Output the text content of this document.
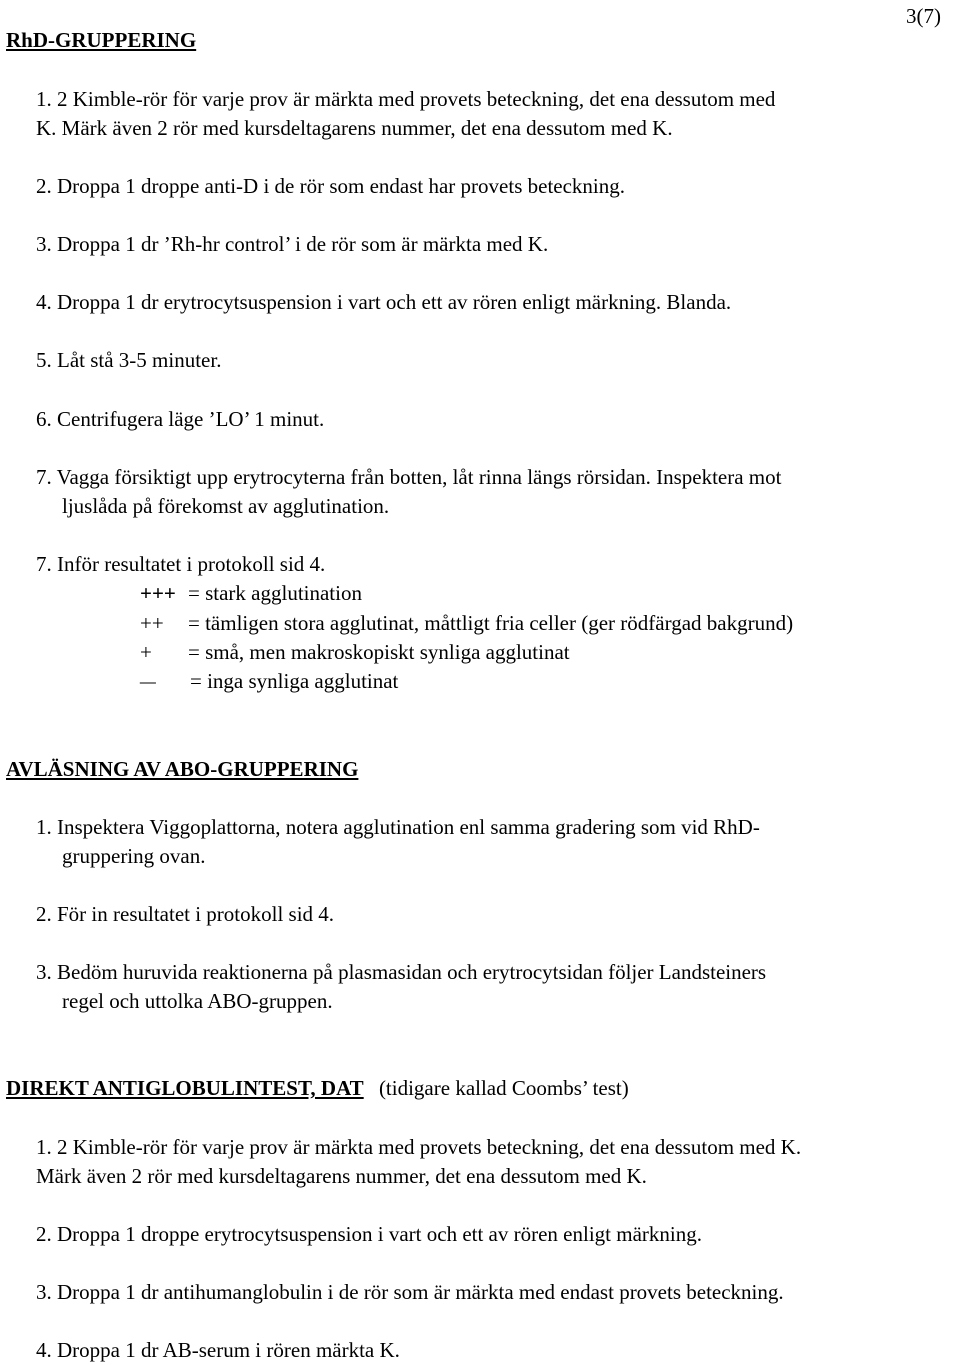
3(7)
RhD-GRUPPERING
1. 2 Kimble-rör för varje prov är märkta med provets beteckning, det ena dessutom med
K. Märk även 2 rör med kursdeltagarens nummer, det ena dessutom med K.
2. Droppa 1 droppe anti-D i de rör som endast har provets beteckning.
3. Droppa 1 dr ’Rh-hr control’ i de rör som är märkta med K.
4. Droppa 1 dr erytrocytsuspension i vart och ett av rören enligt märkning. Blanda.
5. Låt stå 3-5 minuter.
6. Centrifugera läge ’LO’ 1 minut.
7. Vagga försiktigt upp erytrocyterna från botten, låt rinna längs rörsidan. Inspektera mot
ljuslåda på förekomst av agglutination.
7. Inför resultatet i protokoll sid 4.
+++ = stark agglutination
++ = tämligen stora agglutinat, måttligt fria celler (ger rödfärgad bakgrund)
+ = små, men makroskopiskt synliga agglutinat
– = inga synliga agglutinat
AVLÄSNING AV ABO-GRUPPERING
1. Inspektera Viggoplattorna, notera agglutination enl samma gradering som vid RhD-
gruppering ovan.
2. För in resultatet i protokoll sid 4.
3. Bedöm huruvida reaktionerna på plasmasidan och erytrocytsidan följer Landsteiners
regel och uttolka ABO-gruppen.
DIREKT ANTIGLOBULINTEST, DAT (tidigare kallad Coombs’ test)
1. 2 Kimble-rör för varje prov är märkta med provets beteckning, det ena dessutom med K.
Märk även 2 rör med kursdeltagarens nummer, det ena dessutom med K.
2. Droppa 1 droppe erytrocytsuspension i vart och ett av rören enligt märkning.
3. Droppa 1 dr antihumanglobulin i de rör som är märkta med endast provets beteckning.
4. Droppa 1 dr AB-serum i rören märkta K.
